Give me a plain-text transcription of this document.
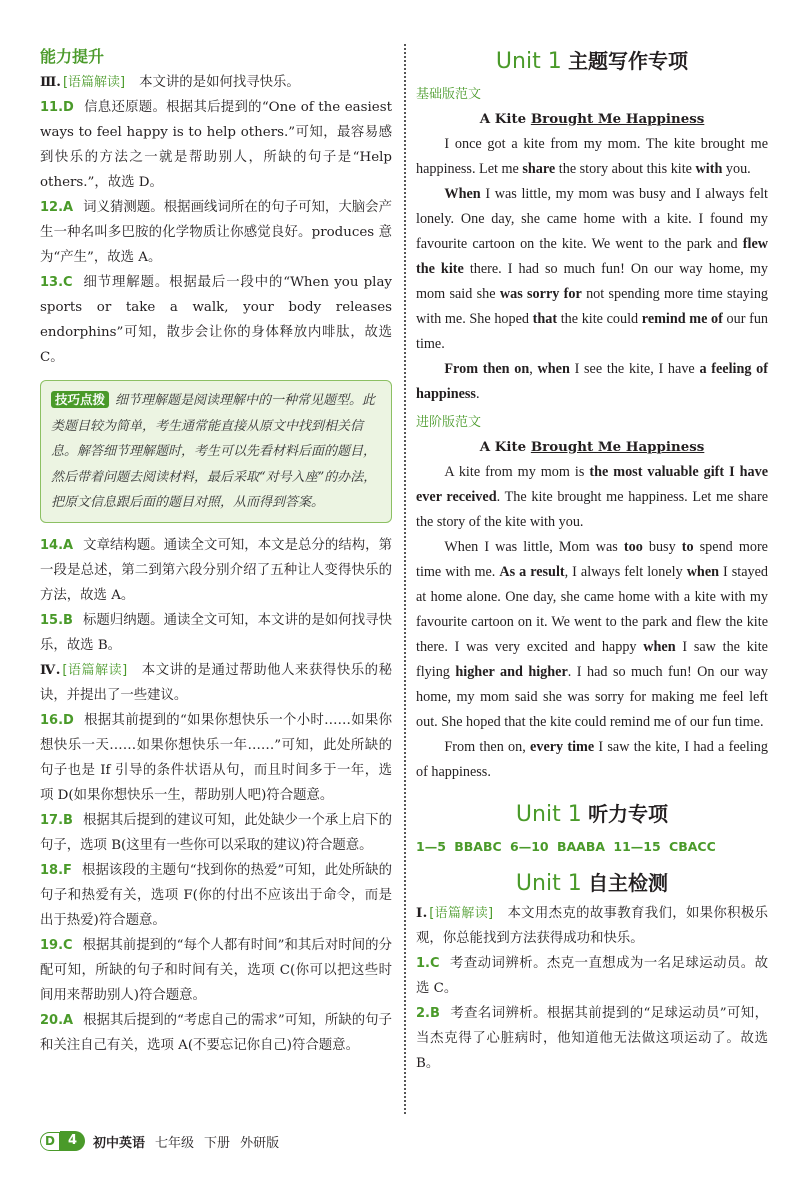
能力提升

Ⅲ. [语篇解读] 本文讲的是如何找寻快乐。

11.D 信息还原题。根据其后提到的“One of the easiest ways to feel happy is to help others.”可知，最容易感到快乐的方法之一就是帮助别人，所缺的句子是“Help others.”，故选 D。

12.A 词义猜测题。根据画线词所在的句子可知，大脑会产生一种名叫多巴胺的化学物质让你感觉良好。produces 意为“产生”，故选 A。

13.C 细节理解题。根据最后一段中的“When you play sports or take a walk, your body releases endorphins”可知，散步会让你的身体释放内啡肽，故选 C。

技巧点拨 细节理解题是阅读理解中的一种常见题型。此类题目较为简单，考生通常能直接从原文中找到相关信息。解答细节理解题时，考生可以先看材料后面的题目，然后带着问题去阅读材料，最后采取“对号入座”的办法，把原文信息跟后面的题目对照，从而得到答案。

14.A 文章结构题。通读全文可知，本文是总分的结构，第一段是总述，第二到第六段分别介绍了五种让人变得快乐的方法，故选 A。

15.B 标题归纳题。通读全文可知，本文讲的是如何找寻快乐，故选 B。

Ⅳ. [语篇解读] 本文讲的是通过帮助他人来获得快乐的秘诀，并提出了一些建议。

16.D 根据其前提到的“如果你想快乐一个小时……如果你想快乐一天……如果你想快乐一年……”可知，此处所缺的句子也是 If 引导的条件状语从句，而且时间多于一年，选项 D(如果你想快乐一生，帮助别人吧)符合题意。

17.B 根据其后提到的建议可知，此处缺少一个承上启下的句子，选项 B(这里有一些你可以采取的建议)符合题意。

18.F 根据该段的主题句“找到你的热爱”可知，此处所缺的句子和热爱有关，选项 F(你的付出不应该出于命令，而是出于热爱)符合题意。

19.C 根据其前提到的“每个人都有时间”和其后对时间的分配可知，所缺的句子和时间有关，选项 C(你可以把这些时间用来帮助别人)符合题意。

20.A 根据其后提到的“考虑自己的需求”可知，所缺的句子和关注自己有关，选项 A(不要忘记你自己)符合题意。

Unit 1 主题写作专项

基础版范文

A Kite Brought Me Happiness

I once got a kite from my mom. The kite brought me happiness. Let me share the story about this kite with you.

When I was little, my mom was busy and I always felt lonely. One day, she came home with a kite. I found my favourite cartoon on the kite. We went to the park and flew the kite there. I had so much fun! On our way home, my mom said she was sorry for not spending more time staying with me. She hoped that the kite could remind me of our fun time.

From then on, when I see the kite, I have a feeling of happiness.

进阶版范文

A Kite Brought Me Happiness

A kite from my mom is the most valuable gift I have ever received. The kite brought me happiness. Let me share the story of the kite with you.

When I was little, Mom was too busy to spend more time with me. As a result, I always felt lonely when I stayed at home alone. One day, she came home with a kite with my favourite cartoon on it. We went to the park and flew the kite there. I was very excited and happy when I saw the kite flying higher and higher. I had so much fun! On our way home, my mom said she was sorry for making me feel left out. She hoped that the kite could remind me of our fun time.

From then on, every time I saw the kite, I had a feeling of happiness.

Unit 1 听力专项

1—5 BBABC 6—10 BAABA 11—15 CBACC

Unit 1 自主检测

Ⅰ. [语篇解读] 本文用杰克的故事教育我们，如果你积极乐观，你总能找到方法获得成功和快乐。

1.C 考查动词辨析。杰克一直想成为一名足球运动员。故选 C。

2.B 考查名词辨析。根据其前提到的“足球运动员”可知，当杰克得了心脏病时，他知道他无法做这项运动了。故选 B。

D	4	初中英语 七年级 下册 外研版
